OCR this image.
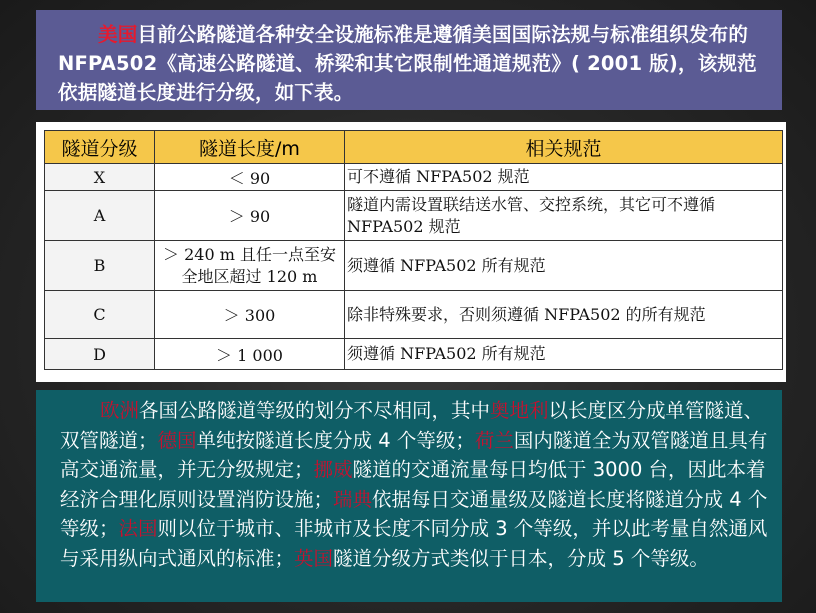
美国目前公路隧道各种安全设施标准是遵循美国国际法规与标准组织发布的 NFPA502《高速公路隧道、桥梁和其它限制性通道规范》( 2001 版)，该规范依据隧道长度进行分级，如下表。
隧道分级	隧道长度/m	相关规范
X	＜ 90	可不遵循 NFPA502 规范
A	＞ 90	隧道内需设置联结送水管、交控系统，其它可不遵循 NFPA502 规范
B	＞ 240 m 且任一点至安全地区超过 120 m	须遵循 NFPA502 所有规范
C	＞ 300	除非特殊要求，否则须遵循 NFPA502 的所有规范
D	＞ 1 000	须遵循 NFPA502 所有规范
欧洲各国公路隧道等级的划分不尽相同，其中奥地利以长度区分成单管隧道、双管隧道；德国单纯按隧道长度分成 4 个等级；荷兰国内隧道全为双管隧道且具有高交通流量，并无分级规定；挪威隧道的交通流量每日均低于 3000 台，因此本着经济合理化原则设置消防设施；瑞典依据每日交通量级及隧道长度将隧道分成 4 个等级；法国则以位于城市、非城市及长度不同分成 3 个等级，并以此考量自然通风与采用纵向式通风的标准；英国隧道分级方式类似于日本，分成 5 个等级。
